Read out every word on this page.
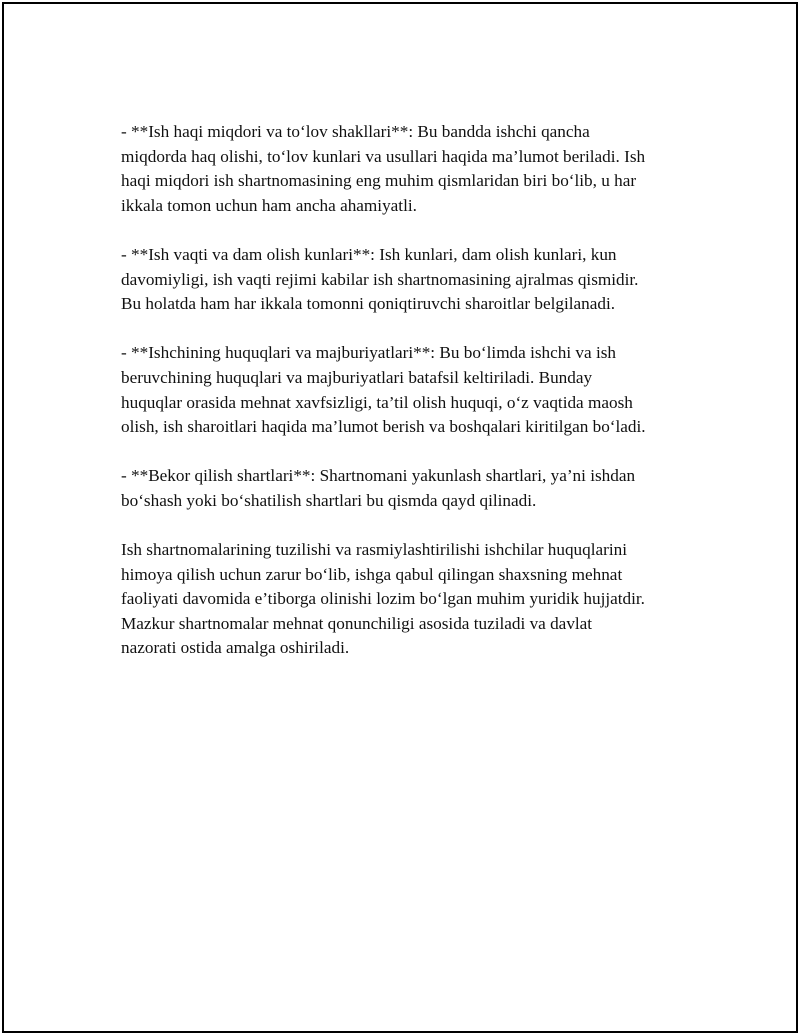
- **Ish haqi miqdori va to‘lov shakllari**: Bu bandda ishchi qancha
miqdorda haq olishi, to‘lov kunlari va usullari haqida ma’lumot beriladi. Ish
haqi miqdori ish shartnomasining eng muhim qismlaridan biri bo‘lib, u har
ikkala tomon uchun ham ancha ahamiyatli.

- **Ish vaqti va dam olish kunlari**: Ish kunlari, dam olish kunlari, kun
davomiyligi, ish vaqti rejimi kabilar ish shartnomasining ajralmas qismidir.
Bu holatda ham har ikkala tomonni qoniqtiruvchi sharoitlar belgilanadi.

- **Ishchining huquqlari va majburiyatlari**: Bu bo‘limda ishchi va ish
beruvchining huquqlari va majburiyatlari batafsil keltiriladi. Bunday
huquqlar orasida mehnat xavfsizligi, ta’til olish huquqi, o‘z vaqtida maosh
olish, ish sharoitlari haqida ma’lumot berish va boshqalari kiritilgan bo‘ladi.

- **Bekor qilish shartlari**: Shartnomani yakunlash shartlari, ya’ni ishdan
bo‘shash yoki bo‘shatilish shartlari bu qismda qayd qilinadi.

Ish shartnomalarining tuzilishi va rasmiylashtirilishi ishchilar huquqlarini
himoya qilish uchun zarur bo‘lib, ishga qabul qilingan shaxsning mehnat
faoliyati davomida e’tiborga olinishi lozim bo‘lgan muhim yuridik hujjatdir.
Mazkur shartnomalar mehnat qonunchiligi asosida tuziladi va davlat
nazorati ostida amalga oshiriladi.
